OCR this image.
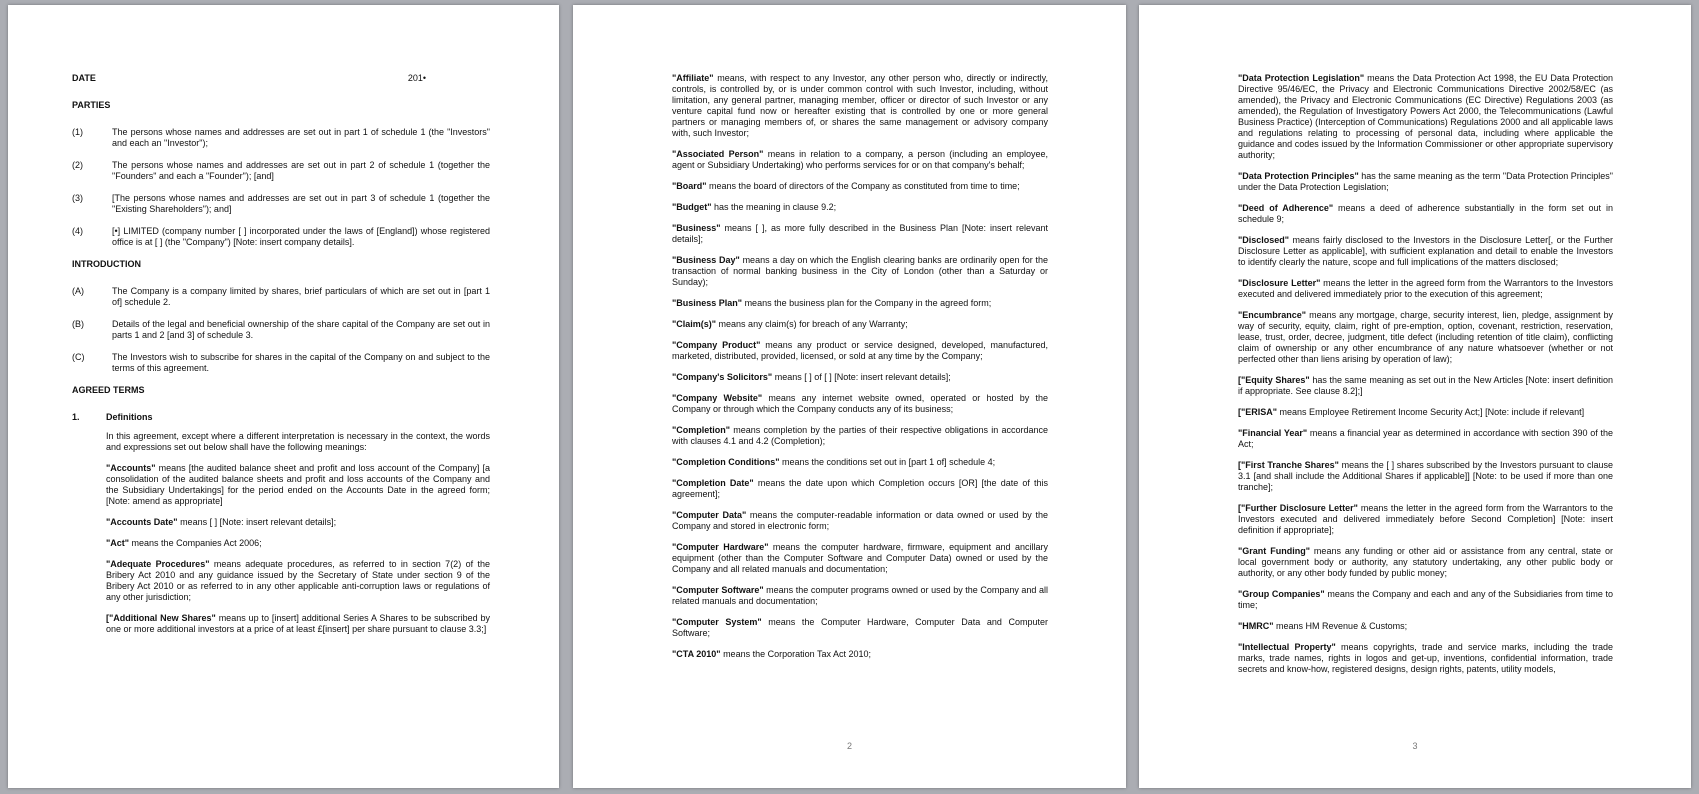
DATE	201•
PARTIES
(1)	The persons whose names and addresses are set out in part 1 of schedule 1 (the "Investors" and each an "Investor");
(2)	The persons whose names and addresses are set out in part 2 of schedule 1 (together the "Founders" and each a "Founder"); [and]
(3)	[The persons whose names and addresses are set out in part 3 of schedule 1 (together the "Existing Shareholders"); and]
(4)	[•] LIMITED (company number [ ] incorporated under the laws of [England]) whose registered office is at [ ] (the "Company") [Note: insert company details].
INTRODUCTION
(A)	The Company is a company limited by shares, brief particulars of which are set out in [part 1 of] schedule 2.
(B)	Details of the legal and beneficial ownership of the share capital of the Company are set out in parts 1 and 2 [and 3] of schedule 3.
(C)	The Investors wish to subscribe for shares in the capital of the Company on and subject to the terms of this agreement.
AGREED TERMS
1.	Definitions
In this agreement, except where a different interpretation is necessary in the context, the words and expressions set out below shall have the following meanings:
"Accounts" means [the audited balance sheet and profit and loss account of the Company] [a consolidation of the audited balance sheets and profit and loss accounts of the Company and the Subsidiary Undertakings] for the period ended on the Accounts Date in the agreed form; [Note: amend as appropriate]
"Accounts Date" means [ ] [Note: insert relevant details];
"Act" means the Companies Act 2006;
"Adequate Procedures" means adequate procedures, as referred to in section 7(2) of the Bribery Act 2010 and any guidance issued by the Secretary of State under section 9 of the Bribery Act 2010 or as referred to in any other applicable anti-corruption laws or regulations of any other jurisdiction;
["Additional New Shares" means up to [insert] additional Series A Shares to be subscribed by one or more additional investors at a price of at least £[insert] per share pursuant to clause 3.3;]
"Affiliate" means, with respect to any Investor, any other person who, directly or indirectly, controls, is controlled by, or is under common control with such Investor, including, without limitation, any general partner, managing member, officer or director of such Investor or any venture capital fund now or hereafter existing that is controlled by one or more general partners or managing members of, or shares the same management or advisory company with, such Investor;
"Associated Person" means in relation to a company, a person (including an employee, agent or Subsidiary Undertaking) who performs services for or on that company's behalf;
"Board" means the board of directors of the Company as constituted from time to time;
"Budget" has the meaning in clause 9.2;
"Business" means [ ], as more fully described in the Business Plan [Note: insert relevant details];
"Business Day" means a day on which the English clearing banks are ordinarily open for the transaction of normal banking business in the City of London (other than a Saturday or Sunday);
"Business Plan" means the business plan for the Company in the agreed form;
"Claim(s)" means any claim(s) for breach of any Warranty;
"Company Product" means any product or service designed, developed, manufactured, marketed, distributed, provided, licensed, or sold at any time by the Company;
"Company's Solicitors" means [ ] of [ ] [Note: insert relevant details];
"Company Website" means any internet website owned, operated or hosted by the Company or through which the Company conducts any of its business;
"Completion" means completion by the parties of their respective obligations in accordance with clauses 4.1 and 4.2 (Completion);
"Completion Conditions" means the conditions set out in [part 1 of] schedule 4;
"Completion Date" means the date upon which Completion occurs [OR] [the date of this agreement];
"Computer Data" means the computer-readable information or data owned or used by the Company and stored in electronic form;
"Computer Hardware" means the computer hardware, firmware, equipment and ancillary equipment (other than the Computer Software and Computer Data) owned or used by the Company and all related manuals and documentation;
"Computer Software" means the computer programs owned or used by the Company and all related manuals and documentation;
"Computer System" means the Computer Hardware, Computer Data and Computer Software;
"CTA 2010" means the Corporation Tax Act 2010;
2
"Data Protection Legislation" means the Data Protection Act 1998, the EU Data Protection Directive 95/46/EC, the Privacy and Electronic Communications Directive 2002/58/EC (as amended), the Privacy and Electronic Communications (EC Directive) Regulations 2003 (as amended), the Regulation of Investigatory Powers Act 2000, the Telecommunications (Lawful Business Practice) (Interception of Communications) Regulations 2000 and all applicable laws and regulations relating to processing of personal data, including where applicable the guidance and codes issued by the Information Commissioner or other appropriate supervisory authority;
"Data Protection Principles" has the same meaning as the term "Data Protection Principles" under the Data Protection Legislation;
"Deed of Adherence" means a deed of adherence substantially in the form set out in schedule 9;
"Disclosed" means fairly disclosed to the Investors in the Disclosure Letter[, or the Further Disclosure Letter as applicable], with sufficient explanation and detail to enable the Investors to identify clearly the nature, scope and full implications of the matters disclosed;
"Disclosure Letter" means the letter in the agreed form from the Warrantors to the Investors executed and delivered immediately prior to the execution of this agreement;
"Encumbrance" means any mortgage, charge, security interest, lien, pledge, assignment by way of security, equity, claim, right of pre-emption, option, covenant, restriction, reservation, lease, trust, order, decree, judgment, title defect (including retention of title claim), conflicting claim of ownership or any other encumbrance of any nature whatsoever (whether or not perfected other than liens arising by operation of law);
["Equity Shares" has the same meaning as set out in the New Articles [Note: insert definition if appropriate. See clause 8.2];]
["ERISA" means Employee Retirement Income Security Act;] [Note: include if relevant]
"Financial Year" means a financial year as determined in accordance with section 390 of the Act;
["First Tranche Shares" means the [ ] shares subscribed by the Investors pursuant to clause 3.1 [and shall include the Additional Shares if applicable]] [Note: to be used if more than one tranche];
["Further Disclosure Letter" means the letter in the agreed form from the Warrantors to the Investors executed and delivered immediately before Second Completion] [Note: insert definition if appropriate];
"Grant Funding" means any funding or other aid or assistance from any central, state or local government body or authority, any statutory undertaking, any other public body or authority, or any other body funded by public money;
"Group Companies" means the Company and each and any of the Subsidiaries from time to time;
"HMRC" means HM Revenue & Customs;
"Intellectual Property" means copyrights, trade and service marks, including the trade marks, trade names, rights in logos and get-up, inventions, confidential information, trade secrets and know-how, registered designs, design rights, patents, utility models,
3
